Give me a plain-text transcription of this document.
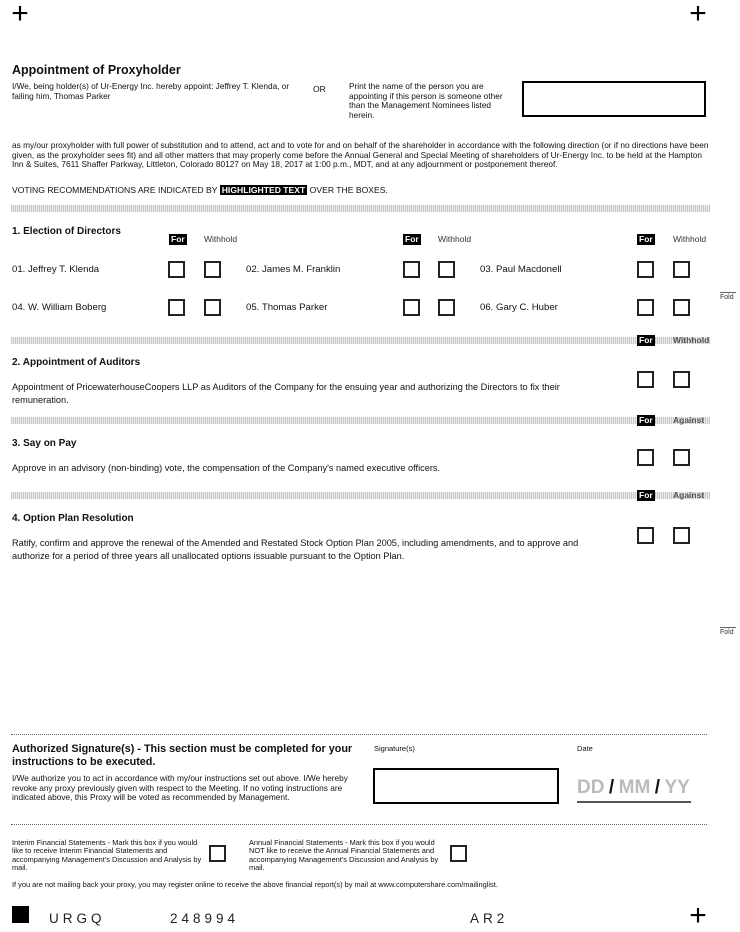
+	+
+
Appointment of Proxyholder
I/We, being holder(s) of Ur-Energy Inc. hereby appoint: Jeffrey T. Klenda, or failing him, Thomas Parker
OR	Print the name of the person you are appointing if this person is someone other than the Management Nominees listed herein.
as my/our proxyholder with full power of substitution and to attend, act and to vote for and on behalf of the shareholder in accordance with the following direction (or if no directions have been given, as the proxyholder sees fit) and all other matters that may properly come before the Annual General and Special Meeting of shareholders of Ur-Energy Inc. to be held at the Hampton Inn & Suites, 7611 Shaffer Parkway, Littleton, Colorado 80127 on May 18, 2017 at 1:00 p.m., MDT, and at any adjournment or postponement thereof.
VOTING RECOMMENDATIONS ARE INDICATED BY HIGHLIGHTED TEXT OVER THE BOXES.
1. Election of Directors
For Withhold	For Withhold	For Withhold
01. Jeffrey T. Klenda	02. James M. Franklin	03. Paul Macdonell
04. W. William Boberg	05. Thomas Parker	06. Gary C. Huber
Fold
Fold
For Withhold
2. Appointment of Auditors
Appointment of PricewaterhouseCoopers LLP as Auditors of the Company for the ensuing year and authorizing the Directors to fix their remuneration.
For Against
3. Say on Pay
Approve in an advisory (non-binding) vote, the compensation of the Company's named executive officers.
For Against
4. Option Plan Resolution
Ratify, confirm and approve the renewal of the Amended and Restated Stock Option Plan 2005, including amendments, and to approve and authorize for a period of three years all unallocated options issuable pursuant to the Option Plan.
Authorized Signature(s) - This section must be completed for your instructions to be executed.
I/We authorize you to act in accordance with my/our instructions set out above. I/We hereby revoke any proxy previously given with respect to the Meeting. If no voting instructions are indicated above, this Proxy will be voted as recommended by Management.
Signature(s)	Date
DD / MM / YY
Interim Financial Statements - Mark this box if you would like to receive Interim Financial Statements and accompanying Management's Discussion and Analysis by mail.
Annual Financial Statements - Mark this box if you would NOT like to receive the Annual Financial Statements and accompanying Management's Discussion and Analysis by mail.
If you are not mailing back your proxy, you may register online to receive the above financial report(s) by mail at www.computershare.com/mailinglist.
URGQ	248994	AR2
